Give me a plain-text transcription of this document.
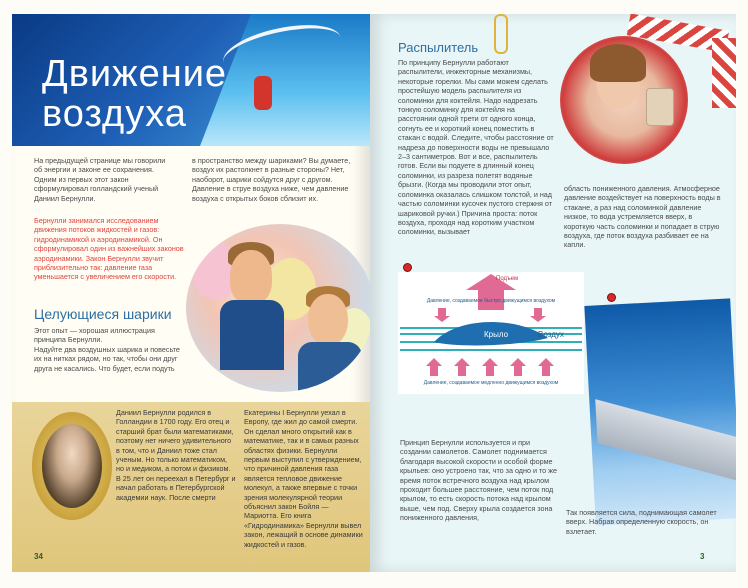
Движение
воздуха
На предыдущей странице мы говорили об энергии и законе ее сохранения. Одним из первых этот закон сформулировал голландский ученый Даниил Бернулли.
Бернулли занимался исследованием движения потоков жидкостей и газов: гидродинамикой и аэродинамикой. Он сформулировал один из важнейших законов аэродинамики. Закон Бернулли звучит приблизительно так: давление газа уменьшается с увеличением его скорости.
Целующиеся шарики
Этот опыт — хорошая иллюстрация принципа Бернулли.
Надуйте два воздушных шарика и повесьте их на нитках рядом, но так, чтобы они друг друга не касались. Что будет, если подуть
в пространство между шариками? Вы думаете, воздух их растолкнет в разные стороны? Нет, наоборот, шарики сойдутся друг с другом. Давление в струе воздуха ниже, чем давление воздуха с открытых боков сблизит их.
Даниил Бернулли родился в Голландии в 1700 году. Его отец и старший брат были математиками, поэтому нет ничего удивительного в том, что и Даниил тоже стал ученым. Но только математиком, но и медиком, а потом и физиком. В 25 лет он переехал в Петербург и начал работать в Петербургской академии наук. После смерти
Екатерины I Бернулли уехал в Европу, где жил до самой смерти. Он сделал много открытий как в математике, так и в самых разных областях физики. Бернулли первым выступил с утверждением, что причиной давления газа является тепловое движение молекул, а также впервые с точки зрения молекулярной теории объяснил закон Бойля — Мариотта. Его книга «Гидродинамика» Бернулли вывел закон, лежащий в основе динамики жидкостей и газов.
34
Распылитель
По принципу Бернулли работают распылители, инжекторные механизмы, некоторые горелки. Мы сами можем сделать простейшую модель распылителя из соломинки для коктейля. Надо надрезать тонкую соломинку для коктейля на расстоянии одной трети от одного конца, согнуть ее и короткий конец поместить в стакан с водой. Следите, чтобы расстояние от надреза до поверхности воды не превышало 2–3 сантиметров. Вот и все, распылитель готов. Если вы подуете в длинный конец соломинки, из разреза полетят водяные брызги. (Когда мы проводили этот опыт, соломинка оказалась слишком толстой, и над частью соломинки кусочек пустого стержня от шариковой ручки.) Причина проста: поток воздуха, проходя над коротким участком соломинки, вызывает
область пониженного давления. Атмосферное давление воздействует на поверхность воды в стакане, а раз над соломинкой давление низкое, то вода устремляется вверх, в короткую часть соломинки и попадает в струю воздуха, где поток воздуха разбивает ее на капли.
Подъем
Давление, создаваемое быстро движущимся воздухом
Крыло	Воздух
Давление, создаваемое медленно движущимся воздухом
Принцип Бернулли используется и при создании самолетов. Самолет поднимается благодаря высокой скорости и особой форме крыльев: оно устроено так, что за одно и то же время поток встречного воздуха над крылом проходит большее расстояние, чем поток под крылом, то есть скорость потока над крылом выше, чем под. Сверху крыла создается зона пониженного давления,
Так появляется сила, поднимающая самолет вверх. Набрав определенную скорость, он взлетает.
3
